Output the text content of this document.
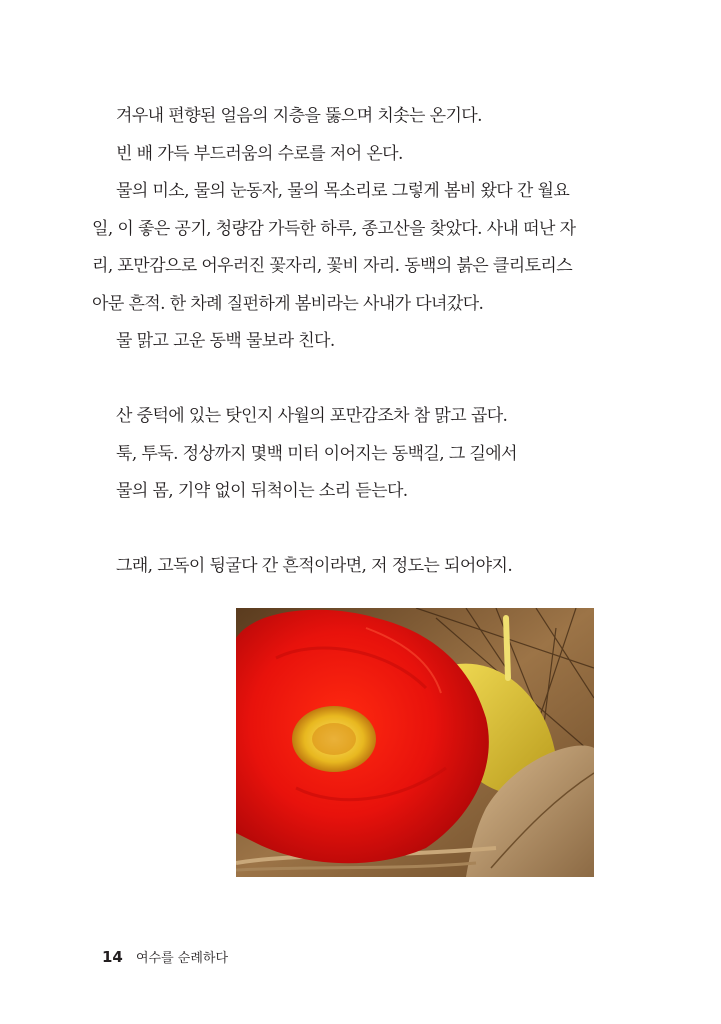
겨우내 편향된 얼음의 지층을 뚫으며 치솟는 온기다.
빈 배 가득 부드러움의 수로를 저어 온다.
물의 미소, 물의 눈동자, 물의 목소리로 그렇게 봄비 왔다 간 월요
일, 이 좋은 공기, 청량감 가득한 하루, 종고산을 찾았다. 사내 떠난 자
리, 포만감으로 어우러진 꽃자리, 꽃비 자리. 동백의 붉은 클리토리스
아문 흔적. 한 차례 질펀하게 봄비라는 사내가 다녀갔다.
물 맑고 고운 동백 물보라 친다.
산 중턱에 있는 탓인지 사월의 포만감조차 참 맑고 곱다.
툭, 투둑. 정상까지 몇백 미터 이어지는 동백길, 그 길에서
물의 몸, 기약 없이 뒤척이는 소리 듣는다.
그래, 고독이 뒹굴다 간 흔적이라면, 저 정도는 되어야지.
14 여수를 순례하다
